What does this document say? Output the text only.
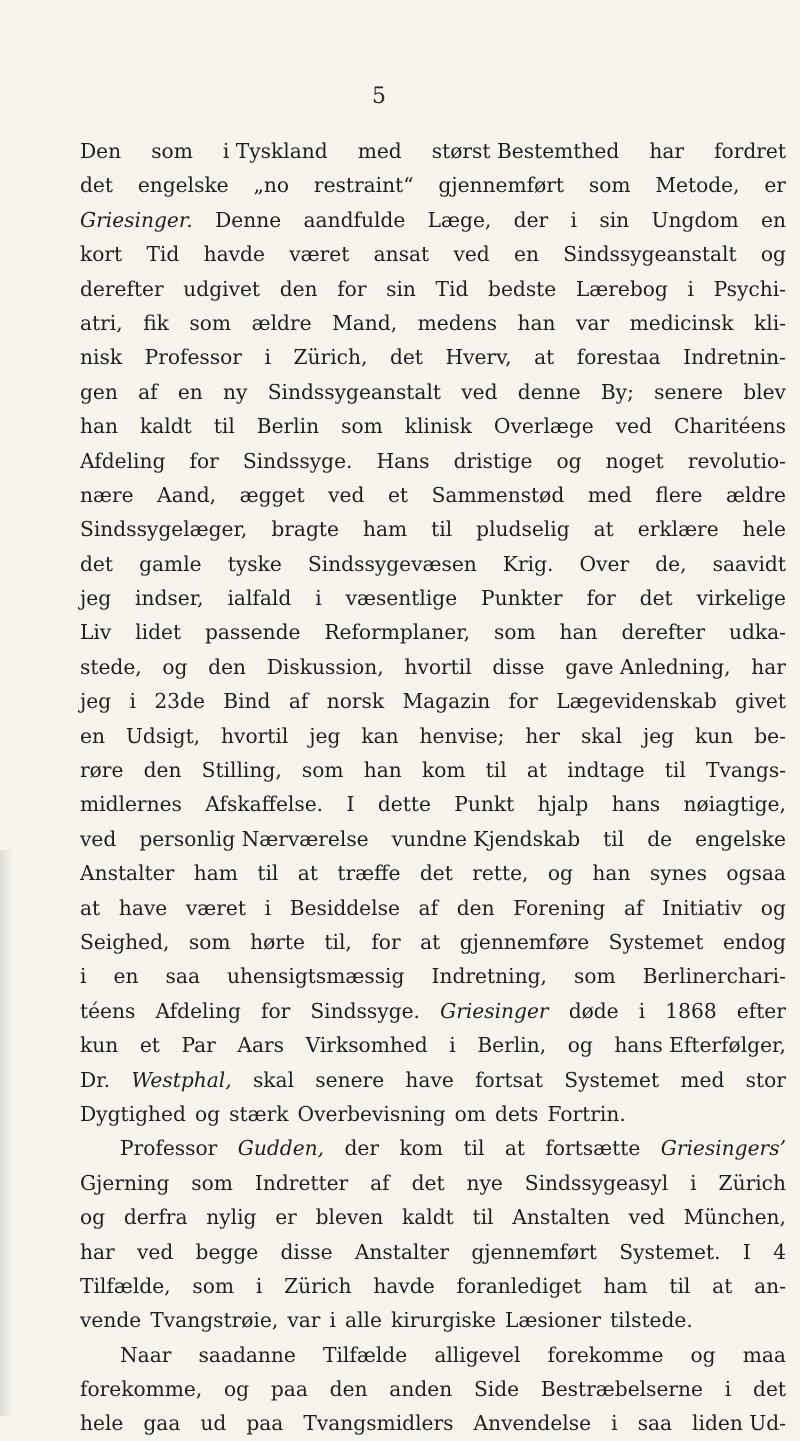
5
Den som i Tyskland med størst Bestemthed har fordret
det engelske „no restraint“ gjennemført som Metode, er
Griesinger. Denne aandfulde Læge, der i sin Ungdom en
kort Tid havde været ansat ved en Sindssygeanstalt og
derefter udgivet den for sin Tid bedste Lærebog i Psychi-
atri, fik som ældre Mand, medens han var medicinsk kli-
nisk Professor i Zürich, det Hverv, at forestaa Indretnin-
gen af en ny Sindssygeanstalt ved denne By; senere blev
han kaldt til Berlin som klinisk Overlæge ved Charitéens
Afdeling for Sindssyge. Hans dristige og noget revolutio-
nære Aand, ægget ved et Sammenstød med flere ældre
Sindssygelæger, bragte ham til pludselig at erklære hele
det gamle tyske Sindssygevæsen Krig. Over de, saavidt
jeg indser, ialfald i væsentlige Punkter for det virkelige
Liv lidet passende Reformplaner, som han derefter udka-
stede, og den Diskussion, hvortil disse gave Anledning, har
jeg i 23de Bind af norsk Magazin for Lægevidenskab givet
en Udsigt, hvortil jeg kan henvise; her skal jeg kun be-
røre den Stilling, som han kom til at indtage til Tvangs-
midlernes Afskaffelse. I dette Punkt hjalp hans nøiagtige,
ved personlig Nærværelse vundne Kjendskab til de engelske
Anstalter ham til at træffe det rette, og han synes ogsaa
at have været i Besiddelse af den Forening af Initiativ og
Seighed, som hørte til, for at gjennemføre Systemet endog
i en saa uhensigtsmæssig Indretning, som Berlinerchari-
téens Afdeling for Sindssyge. Griesinger døde i 1868 efter
kun et Par Aars Virksomhed i Berlin, og hans Efterfølger,
Dr. Westphal, skal senere have fortsat Systemet med stor
Dygtighed og stærk Overbevisning om dets Fortrin.
Professor Gudden, der kom til at fortsætte Griesingers’
Gjerning som Indretter af det nye Sindssygeasyl i Zürich
og derfra nylig er bleven kaldt til Anstalten ved München,
har ved begge disse Anstalter gjennemført Systemet. I 4
Tilfælde, som i Zürich havde foranlediget ham til at an-
vende Tvangstrøie, var i alle kirurgiske Læsioner tilstede.
Naar saadanne Tilfælde alligevel forekomme og maa
forekomme, og paa den anden Side Bestræbelserne i det
hele gaa ud paa Tvangsmidlers Anvendelse i saa liden Ud-
